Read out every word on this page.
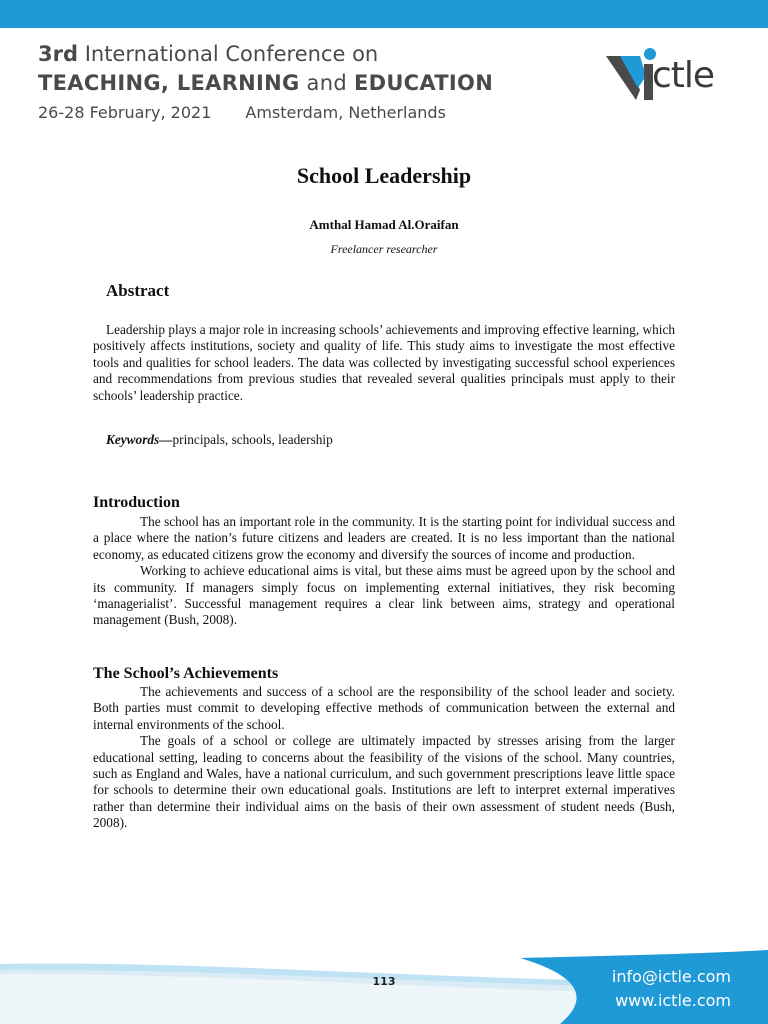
3rd International Conference on
TEACHING, LEARNING and EDUCATION
26-28 February, 2021 Amsterdam, Netherlands
ctle
School Leadership
Amthal Hamad Al.Oraifan
Freelancer researcher
Abstract
Leadership plays a major role in increasing schools’ achievements and improving effective learning, which positively affects institutions, society and quality of life. This study aims to investigate the most effective tools and qualities for school leaders. The data was collected by investigating successful school experiences and recommendations from previous studies that revealed several qualities principals must apply to their schools’ leadership practice.
Keywords—principals, schools, leadership
Introduction

The school has an important role in the community. It is the starting point for individual success and a place where the nation’s future citizens and leaders are created. It is no less important than the national economy, as educated citizens grow the economy and diversify the sources of income and production.

Working to achieve educational aims is vital, but these aims must be agreed upon by the school and its community. If managers simply focus on implementing external initiatives, they risk becoming ‘managerialist’. Successful management requires a clear link between aims, strategy and operational management (Bush, 2008).

The School’s Achievements

The achievements and success of a school are the responsibility of the school leader and society. Both parties must commit to developing effective methods of communication between the external and internal environments of the school.

The goals of a school or college are ultimately impacted by stresses arising from the larger educational setting, leading to concerns about the feasibility of the visions of the school. Many countries, such as England and Wales, have a national curriculum, and such government prescriptions leave little space for schools to determine their own educational goals. Institutions are left to interpret external imperatives rather than determine their individual aims on the basis of their own assessment of student needs (Bush, 2008).

113	info@ictle.com
www.ictle.com
